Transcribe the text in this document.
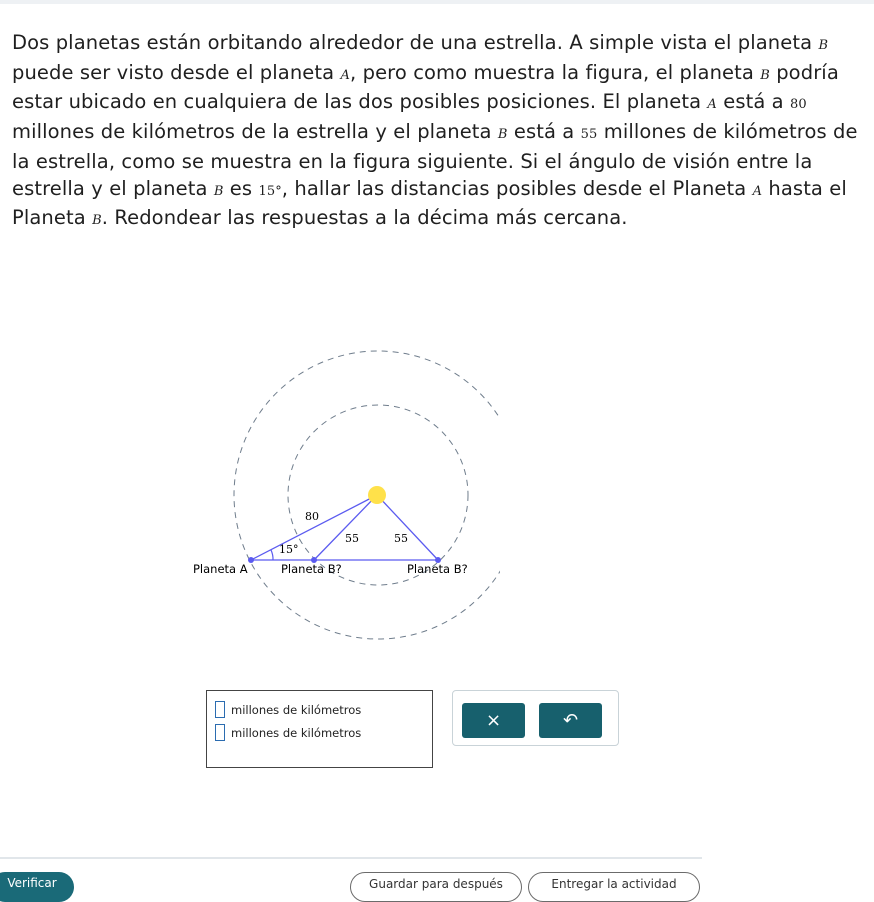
Dos planetas están orbitando alrededor de una estrella. A simple vista el planeta B puede ser visto desde el planeta A, pero como muestra la figura, el planeta B podría estar ubicado en cualquiera de las dos posibles posiciones. El planeta A está a 80 millones de kilómetros de la estrella y el planeta B está a 55 millones de kilómetros de la estrella, como se muestra en la figura siguiente. Si el ángulo de visión entre la estrella y el planeta B es 15°, hallar las distancias posibles desde el Planeta A hasta el Planeta B. Redondear las respuestas a la décima más cercana.

80
15°
55	55
Planeta A	Planeta B?	Planeta B?
millones de kilómetros
millones de kilómetros
×	↶
Verificar	Guardar para después	Entregar la actividad
